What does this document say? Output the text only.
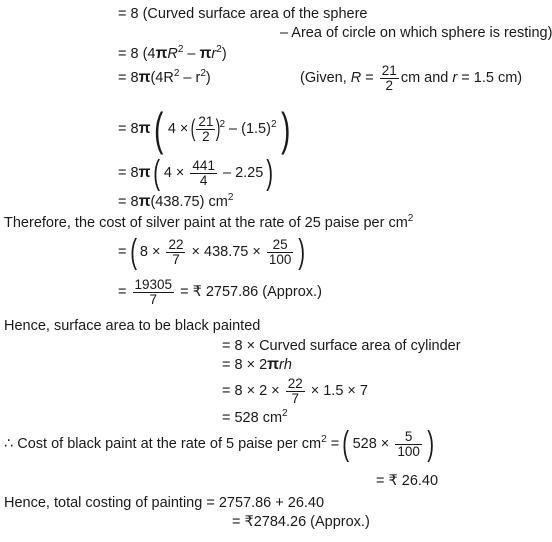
= 8 (Curved surface area of the sphere
– Area of circle on which sphere is resting)
= 8 $(4\pi R^2 - \pi r^2)$
= $8\pi(4R^2 - r^2)$	(Given, $R = \frac{21}{2}$ cm and r = 1.5 cm)
= 8π ( 4 × ( $\frac{21}{2} )^2 - (1.5)^2$ )
= 8π ( $4 \times \frac{441}{4} - 2.25$ )
= 8π(438.75) $cm^2$
Therefore, the cost of silver paint at the rate of 25 paise per $cm^2$
= ( $8 \times \frac{22}{7} \times 438.75 \times \frac{25}{100}$ )
= $\frac{19305}{7}$ = ₹ 2757.86 (Approx.)
Hence, surface area to be black painted
= 8 × Curved surface area of cylinder
= 8 × 2πrh
= $8 \times 2 \times \frac{22}{7} \times 1.5 \times 7$
= 528 $cm^2$
∴ Cost of black paint at the rate of 5 paise per $cm^2$ = ( $528 \times \frac{5}{100}$ )
= ₹ 26.40
Hence, total costing of painting = 2757.86 + 26.40
= ₹2784.26 (Approx.)
